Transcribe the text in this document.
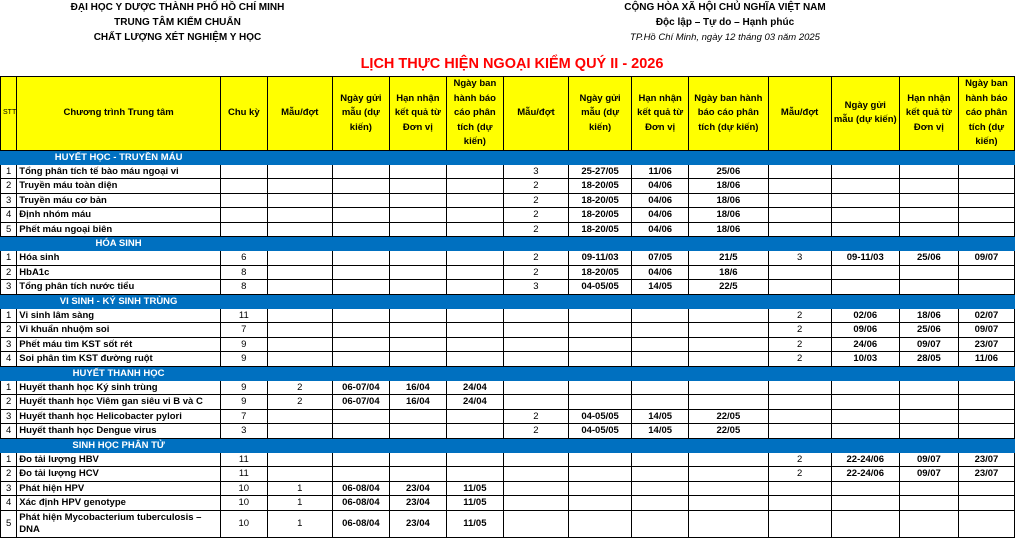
ĐẠI HỌC Y DƯỢC THÀNH PHỐ HỒ CHÍ MINH
TRUNG TÂM KIỂM CHUẨN
CHẤT LƯỢNG XÉT NGHIỆM Y HỌC
CỘNG HÒA XÃ HỘI CHỦ NGHĨA VIỆT NAM
Độc lập – Tự do – Hạnh phúc
TP.Hồ Chí Minh, ngày 12 tháng 03 năm 2025
LỊCH THỰC HIỆN NGOẠI KIỂM QUÝ II - 2026
STT	Chương trình Trung tâm	Chu kỳ	Mẫu/đợt	Ngày gửi mẫu (dự kiến)	Hạn nhận kết quả từ Đơn vị	Ngày ban hành báo cáo phân tích (dự kiến)	Mẫu/đợt	Ngày gửi mẫu (dự kiến)	Hạn nhận kết quả từ Đơn vị	Ngày ban hành báo cáo phân tích (dự kiến)	Mẫu/đợt	Ngày gửi mẫu (dự kiến)	Hạn nhận kết quả từ Đơn vị	Ngày ban hành báo cáo phân tích (dự kiến)
	HUYẾT HỌC - TRUYỀN MÁU													
1	Tổng phân tích tế bào máu ngoại vi						3	25-27/05	11/06	25/06				
2	Truyền máu toàn diện						2	18-20/05	04/06	18/06				
3	Truyền máu cơ bản						2	18-20/05	04/06	18/06				
4	Định nhóm máu						2	18-20/05	04/06	18/06				
5	Phết máu ngoại biên						2	18-20/05	04/06	18/06				
	HÓA SINH													
1	Hóa sinh	6					2	09-11/03	07/05	21/5	3	09-11/03	25/06	09/07
2	HbA1c	8					2	18-20/05	04/06	18/6				
3	Tổng phân tích nước tiểu	8					3	04-05/05	14/05	22/5				
	VI SINH - KÝ SINH TRÙNG													
1	Vi sinh lâm sàng	11									2	02/06	18/06	02/07
2	Vi khuẩn nhuộm soi	7									2	09/06	25/06	09/07
3	Phết máu tìm KST sốt rét	9									2	24/06	09/07	23/07
4	Soi phân tìm KST đường ruột	9									2	10/03	28/05	11/06
	HUYẾT THANH HỌC													
1	Huyết thanh học Ký sinh trùng	9	2	06-07/04	16/04	24/04								
2	Huyết thanh học Viêm gan siêu vi B và C	9	2	06-07/04	16/04	24/04								
3	Huyết thanh học Helicobacter pylori	7					2	04-05/05	14/05	22/05				
4	Huyết thanh học Dengue virus	3					2	04-05/05	14/05	22/05				
	SINH HỌC PHÂN TỬ													
1	Đo tải lượng HBV	11									2	22-24/06	09/07	23/07
2	Đo tải lượng HCV	11									2	22-24/06	09/07	23/07
3	Phát hiện HPV	10	1	06-08/04	23/04	11/05								
4	Xác định HPV genotype	10	1	06-08/04	23/04	11/05								
5	Phát hiện Mycobacterium tuberculosis – DNA	10	1	06-08/04	23/04	11/05								
